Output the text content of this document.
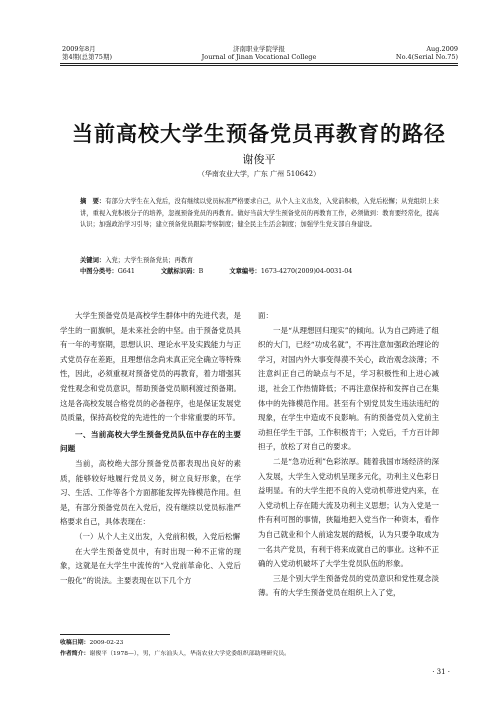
2009年8月
第4期(总第75期)
济南职业学院学报
Journal of Jinan Vocational College
Aug.2009
No.4(Serial No.75)
当前高校大学生预备党员再教育的路径
谢俊平
（华南农业大学，广东 广州 510642）
摘　要：有部分大学生在入党后，没有继续以党员标准严格要求自己，从个人主义出发，入党前积极，入党后松懈；从党组织上来讲，重视入党积极分子的培养，忽视预备党员的再教育。做好当前大学生预备党员的再教育工作，必须做到：教育要经常化，提高认识；加强政治学习引导；建立预备党员跟踪考察制度；健全民主生活会制度；加强学生党支部自身建设。
关键词：入党；大学生预备党员；再教育
中图分类号：G641	文献标识码：B	文章编号：1673-4270(2009)04-0031-04

大学生预备党员是高校学生群体中的先进代表，是学生的一面旗帜，是未来社会的中坚。由于预备党员具有一年的考察期，思想认识、理论水平及实践能力与正式党员存在差距，且理想信念尚未真正完全确立等特殊性，因此，必须重视对预备党员的再教育，着力增强其党性观念和党员意识，帮助预备党员顺利渡过预备期。这是各高校发展合格党员的必备程序，也是保证发展党员质量，保持高校党的先进性的一个非常重要的环节。

一、当前高校大学生预备党员队伍中存在的主要问题

当前，高校绝大部分预备党员都表现出良好的素质，能够较好地履行党员义务，树立良好形象，在学习、生活、工作等各个方面都能发挥先锋模范作用。但是，有部分预备党员在入党后，没有继续以党员标准严格要求自己，具体表现在：

（一）从个人主义出发，入党前积极，入党后松懈

在大学生预备党员中，有时出现一种不正常的现象，这就是在大学生中流传的“入党前革命化、入党后一般化”的说法。主要表现在以下几个方

面：

一是“从理想回归现实”的倾向。认为自己跨进了组织的大门，已经“功成名就”，不再注意加强政治理论的学习，对国内外大事变得漠不关心，政治观念淡薄；不注意纠正自己的缺点与不足，学习积极性和上进心减退，社会工作热情降低；不再注意保持和发挥自己在集体中的先锋模范作用。甚至有个别党员发生违法违纪的现象，在学生中造成不良影响。有的预备党员入党前主动担任学生干部，工作积极肯干；入党后，千方百计卸担子，放松了对自己的要求。

二是“急功近利”色彩浓厚。随着我国市场经济的深入发展，大学生入党动机呈现多元化，功利主义色彩日益明显。有的大学生把不良的入党动机带进党内来，在入党动机上存在随大流及功利主义思想；认为入党是一件有利可图的事情，狭隘地把入党当作一种资本，看作为自己就业和个人前途发展的踏板，认为只要争取成为一名共产党员，有利于将来成就自己的事业。这种不正确的入党动机破坏了大学生党员队伍的形象。

三是个别大学生预备党员的党员意识和党性观念淡薄。有的大学生预备党员在组织上入了党，

收稿日期：2009-02-23
作者简介：谢俊平（1978—），男，广东汕头人，华南农业大学党委组织部助理研究员。
· 31 ·
